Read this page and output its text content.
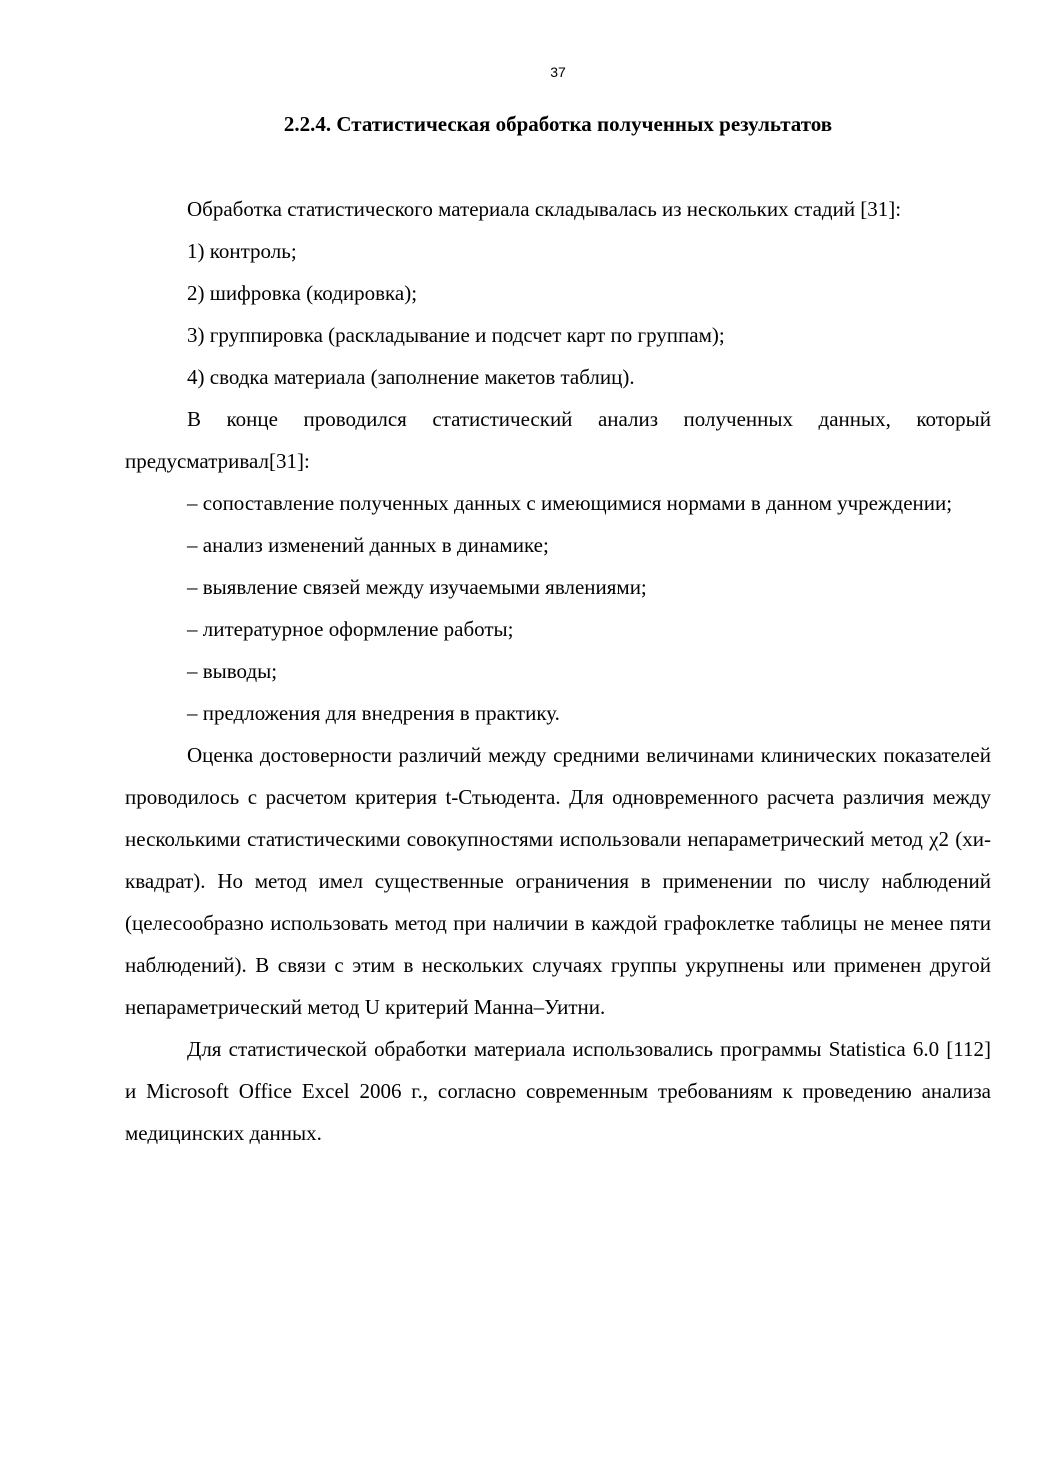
37
2.2.4. Статистическая обработка полученных результатов

Обработка статистического материала складывалась из нескольких стадий [31]:

1) контроль;

2) шифровка (кодировка);

3) группировка (раскладывание и подсчет карт по группам);

4) сводка материала (заполнение макетов таблиц).

В конце проводился статистический анализ полученных данных, который предусматривал[31]:

– сопоставление полученных данных с имеющимися нормами в данном учреждении;

– анализ изменений данных в динамике;

– выявление связей между изучаемыми явлениями;

– литературное оформление работы;

– выводы;

– предложения для внедрения в практику.

Оценка достоверности различий между средними величинами клинических показателей проводилось с расчетом критерия t-Стьюдента. Для одновременного расчета различия между несколькими статистическими совокупностями использовали непараметрический метод χ2 (хи-квадрат). Но метод имел существенные ограничения в применении по числу наблюдений (целесообразно использовать метод при наличии в каждой графоклетке таблицы не менее пяти наблюдений). В связи с этим в нескольких случаях группы укрупнены или применен другой непараметрический метод U критерий Манна–Уитни.

Для статистической обработки материала использовались программы Statistica 6.0 [112] и Microsoft Office Excel 2006 г., согласно современным требованиям к проведению анализа медицинских данных.
